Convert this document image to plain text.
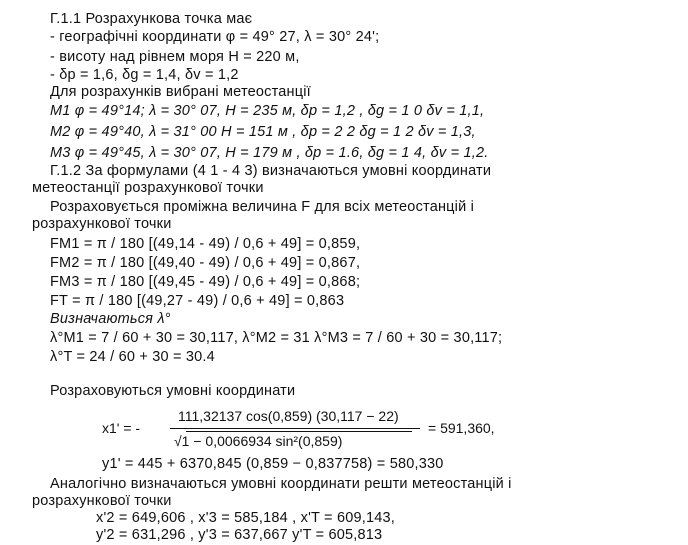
Г.1.1 Розрахункова точка має
- географічні координати φ = 49° 27, λ = 30° 24';
- висоту над рівнем моря H = 220 м,
- δp = 1,6, δg = 1,4, δv = 1,2
Для розрахунків вибрані метеостанції
M1 φ = 49°14; λ = 30° 07, H = 235 м, δp = 1,2 , δg = 1 0 δv = 1,1,
M2 φ = 49°40, λ = 31° 00 H = 151 м , δp = 2 2 δg = 1 2 δv = 1,3,
M3 φ = 49°45, λ = 30° 07, H = 179 м , δp = 1.6, δg = 1 4, δv = 1,2.
Г.1.2 За формулами (4 1 - 4 3) визначаються умовні координати
метеостанції розрахункової точки
Розраховується проміжна величина F для всіх метеостанцій і
розрахункової точки
FM1 = π / 180 [(49,14 - 49) / 0,6 + 49] = 0,859,
FM2 = π / 180 [(49,40 - 49) / 0,6 + 49] = 0,867,
FM3 = π / 180 [(49,45 - 49) / 0,6 + 49] = 0,868;
FT = π / 180 [(49,27 - 49) / 0,6 + 49] = 0,863
Визначаються λ°
λ°M1 = 7 / 60 + 30 = 30,117, λ°M2 = 31 λ°M3 = 7 / 60 + 30 = 30,117;
λ°T = 24 / 60 + 30 = 30.4
Розраховуються умовні координати
x1' = -
111,32137 cos(0,859) (30,117 − 22)
√1 − 0,0066934 sin²(0,859)
= 591,360,
y1' = 445 + 6370,845 (0,859 − 0,837758) = 580,330
Аналогічно визначаються умовні координати решти метеостанцій і
розрахункової точки
x'2 = 649,606 , x'3 = 585,184 , x'T = 609,143,
y'2 = 631,296 , y'3 = 637,667 y'T = 605,813
